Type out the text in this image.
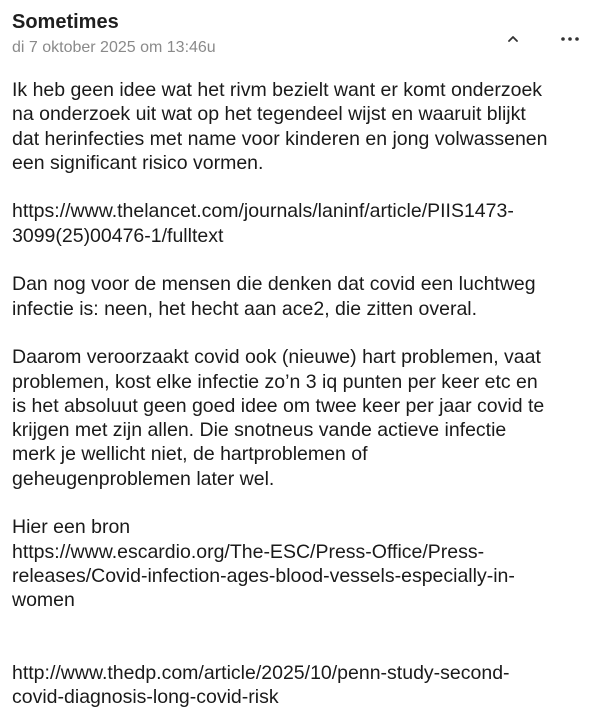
Sometimes
di 7 oktober 2025 om 13:46u

Ik heb geen idee wat het rivm bezielt want er komt onderzoek
na onderzoek uit wat op het tegendeel wijst en waaruit blijkt
dat herinfecties met name voor kinderen en jong volwassenen
een significant risico vormen.

https://www.thelancet.com/journals/laninf/article/PIIS1473-
3099(25)00476-1/fulltext

Dan nog voor de mensen die denken dat covid een luchtweg
infectie is: neen, het hecht aan ace2, die zitten overal.

Daarom veroorzaakt covid ook (nieuwe) hart problemen, vaat
problemen, kost elke infectie zo’n 3 iq punten per keer etc en
is het absoluut geen goed idee om twee keer per jaar covid te
krijgen met zijn allen. Die snotneus vande actieve infectie
merk je wellicht niet, de hartproblemen of
geheugenproblemen later wel.

Hier een bron
https://www.escardio.org/The-ESC/Press-Office/Press-
releases/Covid-infection-ages-blood-vessels-especially-in-
women

http://www.thedp.com/article/2025/10/penn-study-second-
covid-diagnosis-long-covid-risk
